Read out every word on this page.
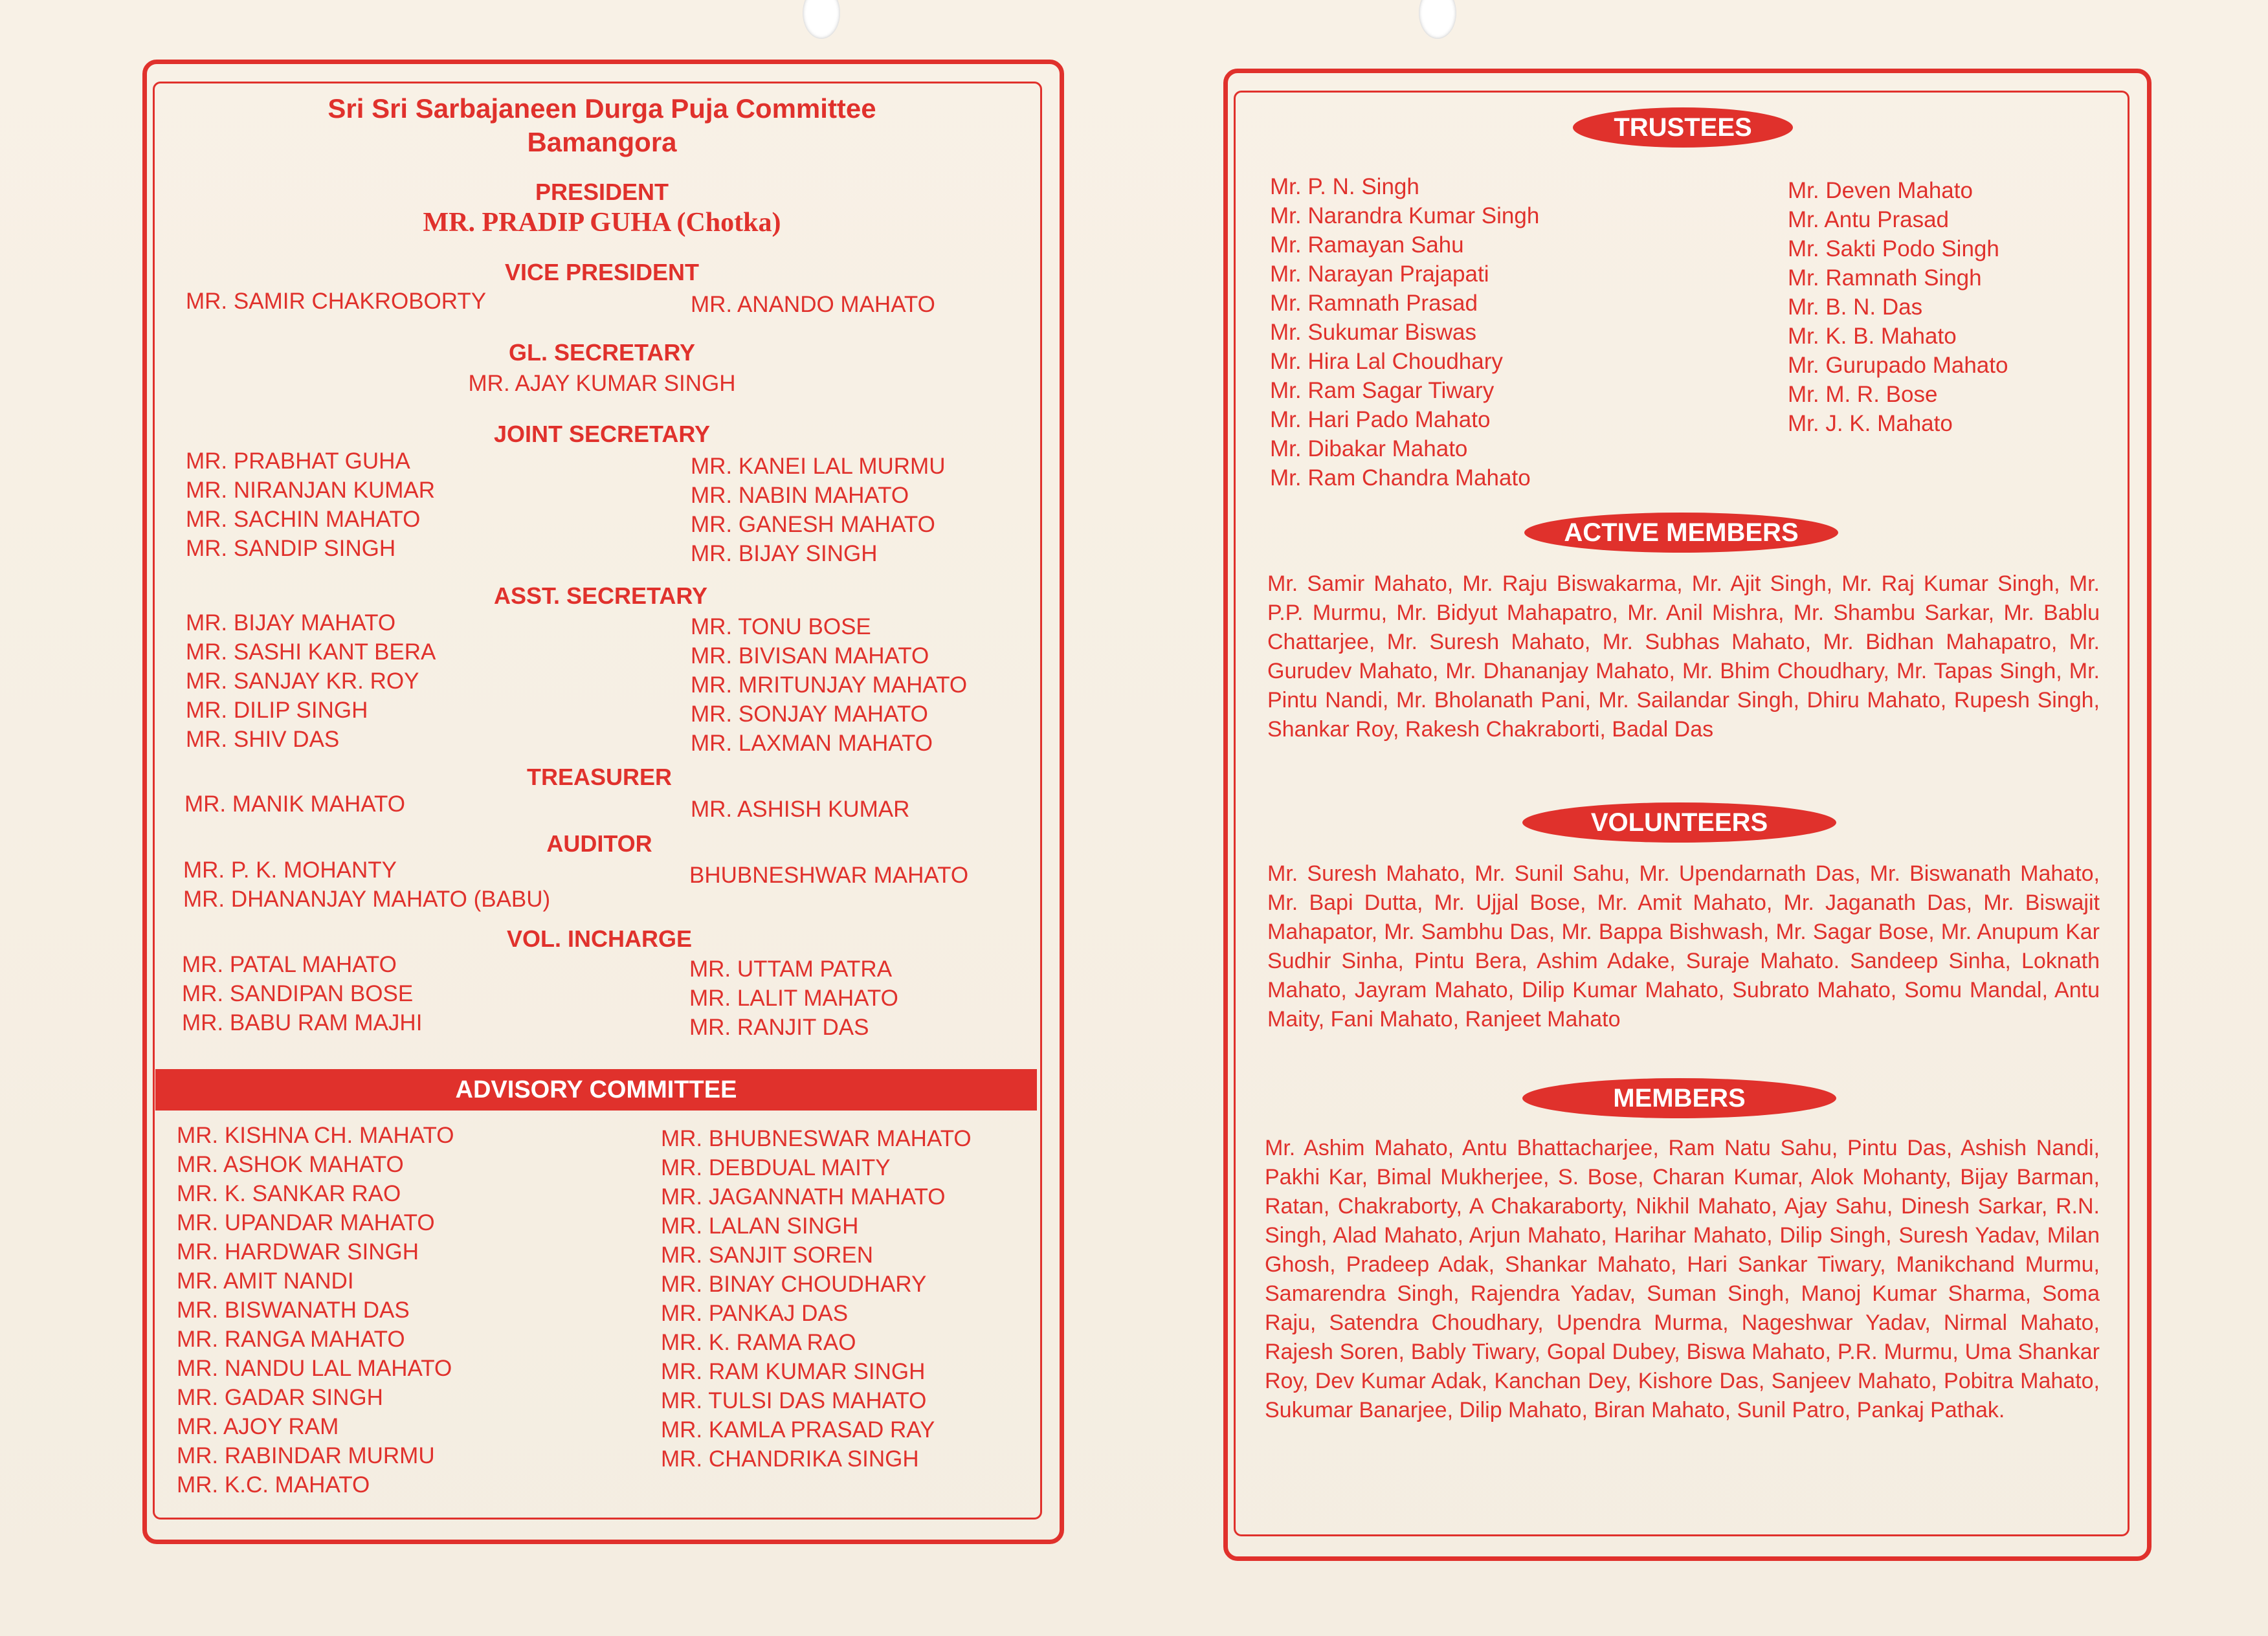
Sri Sri Sarbajaneen Durga Puja Committee
Bamangora
PRESIDENT
MR. PRADIP GUHA (Chotka)
VICE PRESIDENT
MR. SAMIR CHAKROBORTY	MR. ANANDO MAHATO
GL. SECRETARY
MR. AJAY KUMAR SINGH
JOINT SECRETARY
MR. PRABHAT GUHA
MR. NIRANJAN KUMAR
MR. SACHIN MAHATO
MR. SANDIP SINGH
MR. KANEI LAL MURMU
MR. NABIN MAHATO
MR. GANESH MAHATO
MR. BIJAY SINGH
ASST. SECRETARY
MR. BIJAY MAHATO
MR. SASHI KANT BERA
MR. SANJAY KR. ROY
MR. DILIP SINGH
MR. SHIV DAS
MR. TONU BOSE
MR. BIVISAN MAHATO
MR. MRITUNJAY MAHATO
MR. SONJAY MAHATO
MR. LAXMAN MAHATO
TREASURER
MR. MANIK MAHATO	MR. ASHISH KUMAR
AUDITOR
MR. P. K. MOHANTY
MR. DHANANJAY MAHATO (BABU)
BHUBNESHWAR MAHATO
VOL. INCHARGE
MR. PATAL MAHATO
MR. SANDIPAN BOSE
MR. BABU RAM MAJHI
MR. UTTAM PATRA
MR. LALIT MAHATO
MR. RANJIT DAS
ADVISORY COMMITTEE
MR. KISHNA CH. MAHATO
MR. ASHOK MAHATO
MR. K. SANKAR RAO
MR. UPANDAR MAHATO
MR. HARDWAR SINGH
MR. AMIT NANDI
MR. BISWANATH DAS
MR. RANGA MAHATO
MR. NANDU LAL MAHATO
MR. GADAR SINGH
MR. AJOY RAM
MR. RABINDAR MURMU
MR. K.C. MAHATO
MR. BHUBNESWAR MAHATO
MR. DEBDUAL MAITY
MR. JAGANNATH MAHATO
MR. LALAN SINGH
MR. SANJIT SOREN
MR. BINAY CHOUDHARY
MR. PANKAJ DAS
MR. K. RAMA RAO
MR. RAM KUMAR SINGH
MR. TULSI DAS MAHATO
MR. KAMLA PRASAD RAY
MR. CHANDRIKA SINGH
TRUSTEES
Mr. P. N. Singh
Mr. Narandra Kumar Singh
Mr. Ramayan Sahu
Mr. Narayan Prajapati
Mr. Ramnath Prasad
Mr. Sukumar Biswas
Mr. Hira Lal Choudhary
Mr. Ram Sagar Tiwary
Mr. Hari Pado Mahato
Mr. Dibakar Mahato
Mr. Ram Chandra Mahato
Mr. Deven Mahato
Mr. Antu Prasad
Mr. Sakti Podo Singh
Mr. Ramnath Singh
Mr. B. N. Das
Mr. K. B. Mahato
Mr. Gurupado Mahato
Mr. M. R. Bose
Mr. J. K. Mahato
ACTIVE MEMBERS
Mr. Samir Mahato, Mr. Raju Biswakarma, Mr. Ajit Singh, Mr. Raj Kumar Singh, Mr. P.P. Murmu, Mr. Bidyut Mahapatro, Mr. Anil Mishra, Mr. Shambu Sarkar, Mr. Bablu Chattarjee, Mr. Suresh Mahato, Mr. Subhas Mahato, Mr. Bidhan Mahapatro, Mr. Gurudev Mahato, Mr. Dhananjay Mahato, Mr. Bhim Choudhary, Mr. Tapas Singh, Mr. Pintu Nandi, Mr. Bholanath Pani, Mr. Sailandar Singh, Dhiru Mahato, Rupesh Singh, Shankar Roy, Rakesh Chakraborti, Badal Das
VOLUNTEERS
Mr. Suresh Mahato, Mr. Sunil Sahu, Mr. Upendarnath Das, Mr. Biswanath Mahato, Mr. Bapi Dutta, Mr. Ujjal Bose, Mr. Amit Mahato, Mr. Jaganath Das, Mr. Biswajit Mahapator, Mr. Sambhu Das, Mr. Bappa Bishwash, Mr. Sagar Bose, Mr. Anupum Kar Sudhir Sinha, Pintu Bera, Ashim Adake, Suraje Mahato. Sandeep Sinha, Loknath Mahato, Jayram Mahato, Dilip Kumar Mahato, Subrato Mahato, Somu Mandal, Antu Maity, Fani Mahato, Ranjeet Mahato
MEMBERS
Mr. Ashim Mahato, Antu Bhattacharjee, Ram Natu Sahu, Pintu Das, Ashish Nandi, Pakhi Kar, Bimal Mukherjee, S. Bose, Charan Kumar, Alok Mohanty, Bijay Barman, Ratan, Chakraborty, A Chakaraborty, Nikhil Mahato, Ajay Sahu, Dinesh Sarkar, R.N. Singh, Alad Mahato, Arjun Mahato, Harihar Mahato, Dilip Singh, Suresh Yadav, Milan Ghosh, Pradeep Adak, Shankar Mahato, Hari Sankar Tiwary, Manikchand Murmu, Samarendra Singh, Rajendra Yadav, Suman Singh, Manoj Kumar Sharma, Soma Raju, Satendra Choudhary, Upendra Murma, Nageshwar Yadav, Nirmal Mahato, Rajesh Soren, Bably Tiwary, Gopal Dubey, Biswa Mahato, P.R. Murmu, Uma Shankar Roy, Dev Kumar Adak, Kanchan Dey, Kishore Das, Sanjeev Mahato, Pobitra Mahato, Sukumar Banarjee, Dilip Mahato, Biran Mahato, Sunil Patro, Pankaj Pathak.
